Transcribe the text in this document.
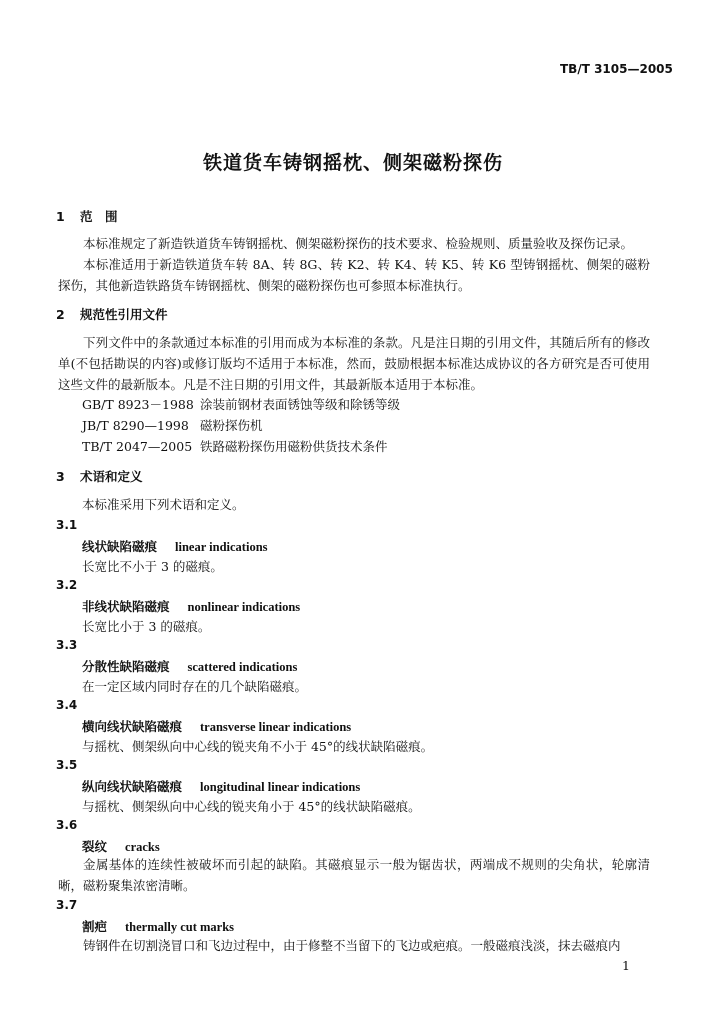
TB/T 3105—2005
铁道货车铸钢摇枕、侧架磁粉探伤
1 范　围
本标准规定了新造铁道货车铸钢摇枕、侧架磁粉探伤的技术要求、检验规则、质量验收及探伤记录。
本标准适用于新造铁道货车转 8A、转 8G、转 K2、转 K4、转 K5、转 K6 型铸钢摇枕、侧架的磁粉探伤，其他新造铁路货车铸钢摇枕、侧架的磁粉探伤也可参照本标准执行。
2 规范性引用文件
下列文件中的条款通过本标准的引用而成为本标准的条款。凡是注日期的引用文件，其随后所有的修改单(不包括勘误的内容)或修订版均不适用于本标准，然而，鼓励根据本标准达成协议的各方研究是否可使用这些文件的最新版本。凡是不注日期的引用文件，其最新版本适用于本标准。
GB/T 8923－1988 涂装前钢材表面锈蚀等级和除锈等级
JB/T 8290—1998 磁粉探伤机
TB/T 2047—2005 铁路磁粉探伤用磁粉供货技术条件
3 术语和定义
本标准采用下列术语和定义。
3.1
线状缺陷磁痕 linear indications
长宽比不小于 3 的磁痕。
3.2
非线状缺陷磁痕 nonlinear indications
长宽比小于 3 的磁痕。
3.3
分散性缺陷磁痕 scattered indications
在一定区域内同时存在的几个缺陷磁痕。
3.4
横向线状缺陷磁痕 transverse linear indications
与摇枕、侧架纵向中心线的锐夹角不小于 45°的线状缺陷磁痕。
3.5
纵向线状缺陷磁痕 longitudinal linear indications
与摇枕、侧架纵向中心线的锐夹角小于 45°的线状缺陷磁痕。
3.6
裂纹 cracks
金属基体的连续性被破坏而引起的缺陷。其磁痕显示一般为锯齿状，两端成不规则的尖角状，轮廓清晰，磁粉聚集浓密清晰。
3.7
割疤 thermally cut marks
铸钢件在切割浇冒口和飞边过程中，由于修整不当留下的飞边或疤痕。一般磁痕浅淡，抹去磁痕内
1
